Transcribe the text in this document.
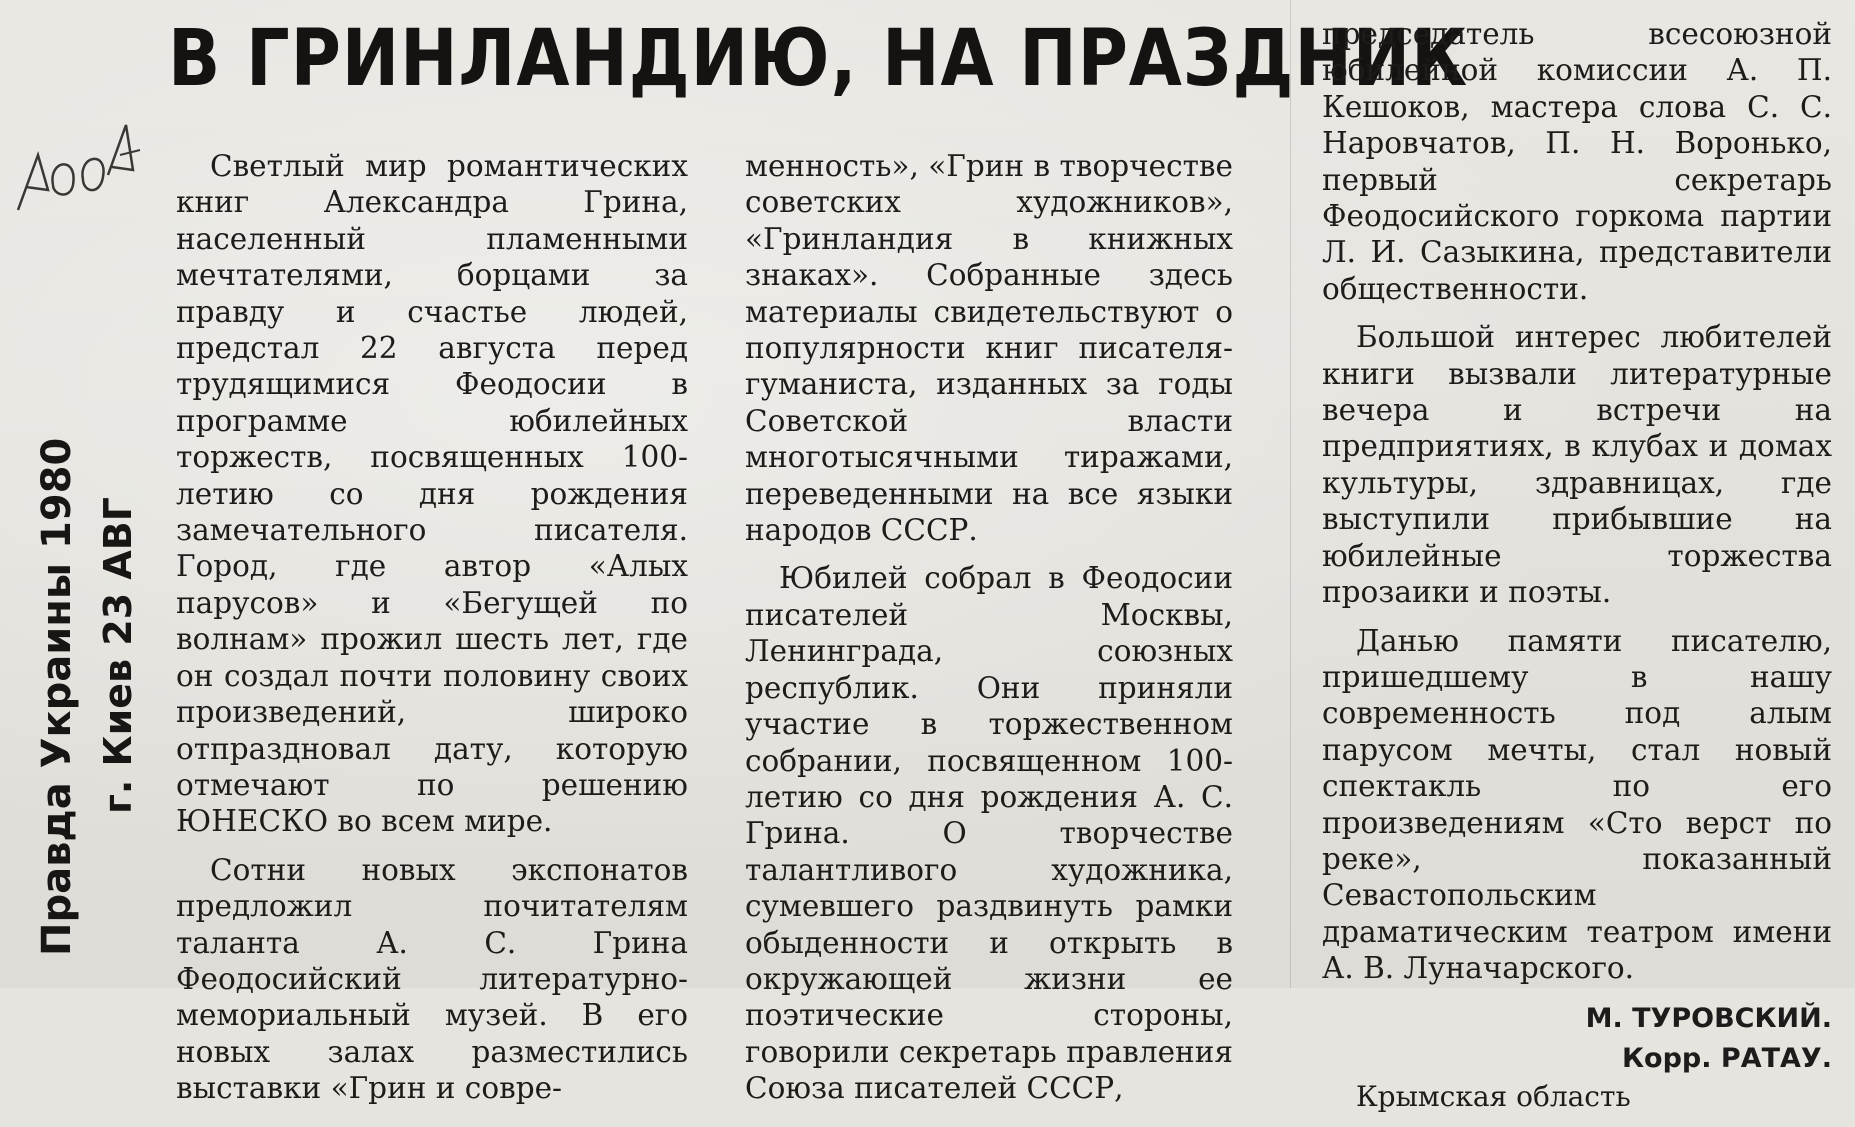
В ГРИНЛАНДИЮ, НА ПРАЗДНИК
Правда Украины 1980 г. Киев 23 АВГ

Светлый мир романтических книг Александра Грина, населенный пламенными мечтателями, борцами за правду и счастье людей, предстал 22 августа перед трудящимися Феодосии в программе юбилейных торжеств, посвященных 100-летию со дня рождения замечательного писателя. Город, где автор «Алых парусов» и «Бегущей по волнам» прожил шесть лет, где он создал почти половину своих произведений, широко отпраздновал дату, которую отмечают по решению ЮНЕСКО во всем мире.

Сотни новых экспонатов предложил почитателям таланта А. С. Грина Феодосийский литературно-мемориальный музей. В его новых залах разместились выставки «Грин и совре-

менность», «Грин в творчестве советских художников», «Гринландия в книжных знаках». Собранные здесь материалы свидетельствуют о популярности книг писателя-гуманиста, изданных за годы Советской власти многотысячными тиражами, переведенными на все языки народов СССР.

Юбилей собрал в Феодосии писателей Москвы, Ленинграда, союзных республик. Они приняли участие в торжественном собрании, посвященном 100-летию со дня рождения А. С. Грина. О творчестве талантливого художника, сумевшего раздвинуть рамки обыденности и открыть в окружающей жизни ее поэтические стороны, говорили секретарь правления Союза писателей СССР,

председатель всесоюзной юбилейной комиссии А. П. Кешоков, мастера слова С. С. Наровчатов, П. Н. Воронько, первый секретарь Феодосийского горкома партии Л. И. Сазыкина, представители общественности.

Большой интерес любителей книги вызвали литературные вечера и встречи на предприятиях, в клубах и домах культуры, здравницах, где выступили прибывшие на юбилейные торжества прозаики и поэты.

Данью памяти писателю, пришедшему в нашу современность под алым парусом мечты, стал новый спектакль по его произведениям «Сто верст по реке», показанный Севастопольским драматическим театром имени А. В. Луначарского.

М. ТУРОВСКИЙ.
Корр. РАТАУ.

Крымская область
